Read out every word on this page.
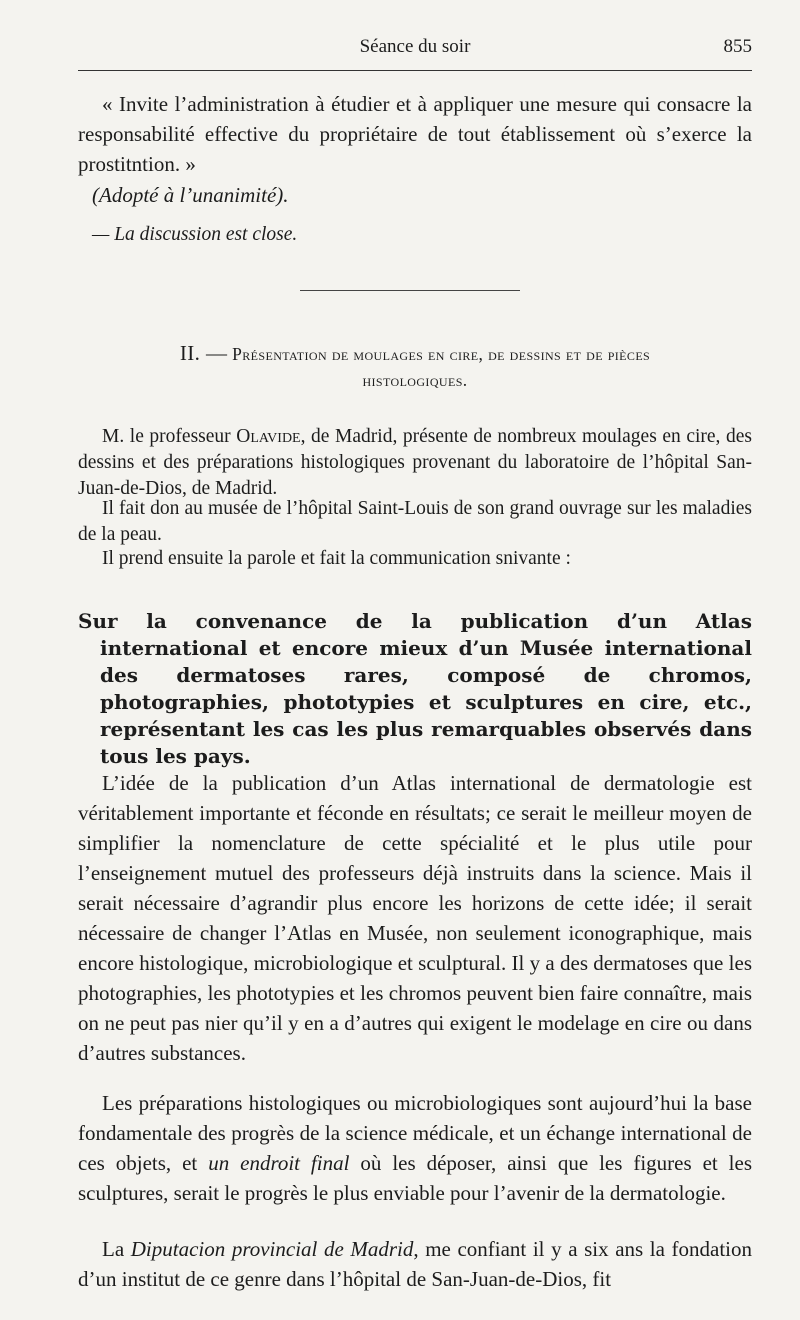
Séance du soir	855
« Invite l’administration à étudier et à appliquer une mesure qui consacre la responsabilité effective du propriétaire de tout établissement où s’exerce la prostitntion. »
(Adopté à l’unanimité).
— La discussion est close.
II. — Présentation de moulages en cire, de dessins et de pièces
histologiques.
M. le professeur Olavide, de Madrid, présente de nombreux moulages en cire, des dessins et des préparations histologiques provenant du laboratoire de l’hôpital San-Juan-de-Dios, de Madrid.
Il fait don au musée de l’hôpital Saint-Louis de son grand ouvrage sur les maladies de la peau.
Il prend ensuite la parole et fait la communication snivante :
Sur la convenance de la publication d’un Atlas international et encore mieux d’un Musée international des dermatoses rares, composé de chromos, photographies, phototypies et sculptures en cire, etc., représentant les cas les plus remarquables observés dans tous les pays.
L’idée de la publication d’un Atlas international de dermatologie est véritablement importante et féconde en résultats; ce serait le meilleur moyen de simplifier la nomenclature de cette spécialité et le plus utile pour l’enseignement mutuel des professeurs déjà instruits dans la science. Mais il serait nécessaire d’agrandir plus encore les horizons de cette idée; il serait nécessaire de changer l’Atlas en Musée, non seulement iconographique, mais encore histologique, microbiologique et sculptural. Il y a des dermatoses que les photographies, les phototypies et les chromos peuvent bien faire connaître, mais on ne peut pas nier qu’il y en a d’autres qui exigent le modelage en cire ou dans d’autres substances.
Les préparations histologiques ou microbiologiques sont aujourd’hui la base fondamentale des progrès de la science médicale, et un échange international de ces objets, et un endroit final où les déposer, ainsi que les figures et les sculptures, serait le progrès le plus enviable pour l’avenir de la dermatologie.
La Diputacion provincial de Madrid, me confiant il y a six ans la fondation d’un institut de ce genre dans l’hôpital de San-Juan-de-Dios, fit
